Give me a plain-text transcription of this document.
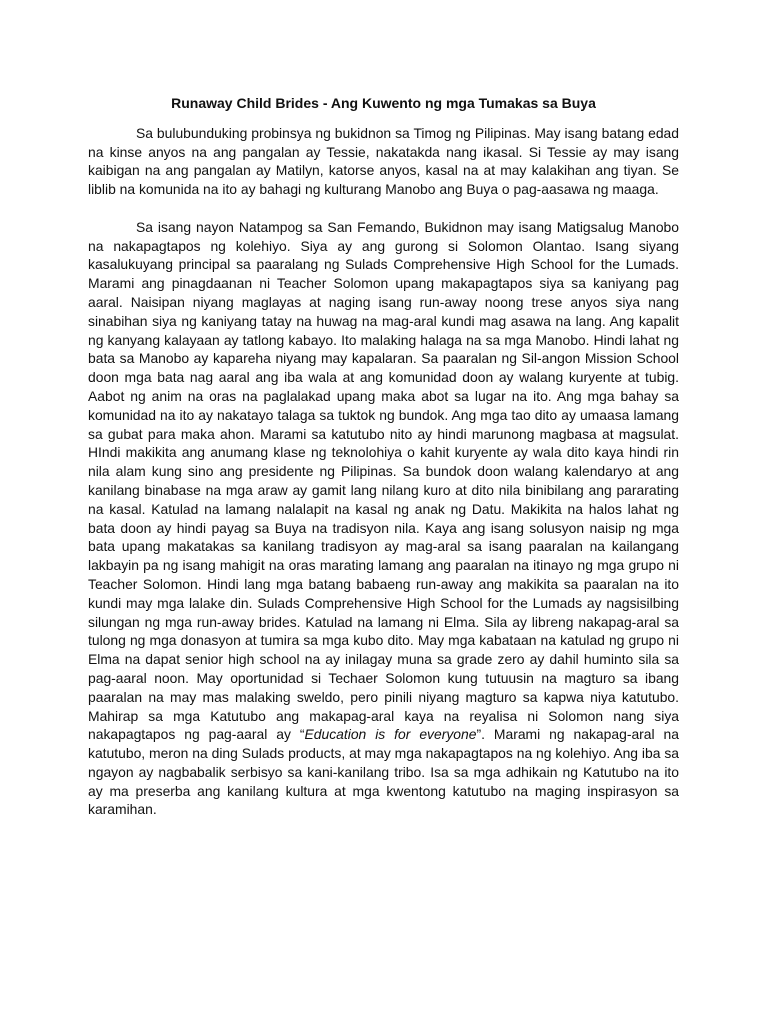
Runaway Child Brides - Ang Kuwento ng mga Tumakas sa Buya

Sa bulubunduking probinsya ng bukidnon sa Timog ng Pilipinas. May isang batang edad na kinse anyos na ang pangalan ay Tessie, nakatakda nang ikasal. Si Tessie ay may isang kaibigan na ang pangalan ay Matilyn, katorse anyos, kasal na at may kalakihan ang tiyan. Se liblib na komunida na ito ay bahagi ng kulturang Manobo ang Buya o pag-aasawa ng maaga.

Sa isang nayon Natampog sa San Femando, Bukidnon may isang Matigsalug Manobo na nakapagtapos ng kolehiyo. Siya ay ang gurong si Solomon Olantao. Isang siyang kasalukuyang principal sa paaralang ng Sulads Comprehensive High School for the Lumads. Marami ang pinagdaanan ni Teacher Solomon upang makapagtapos siya sa kaniyang pag aaral. Naisipan niyang maglayas at naging isang run-away noong trese anyos siya nang sinabihan siya ng kaniyang tatay na huwag na mag-aral kundi mag asawa na lang. Ang kapalit ng kanyang kalayaan ay tatlong kabayo. Ito malaking halaga na sa mga Manobo. Hindi lahat ng bata sa Manobo ay kapareha niyang may kapalaran. Sa paaralan ng Sil-angon Mission School doon mga bata nag aaral ang iba wala at ang komunidad doon ay walang kuryente at tubig. Aabot ng anim na oras na paglalakad upang maka abot sa lugar na ito. Ang mga bahay sa komunidad na ito ay nakatayo talaga sa tuktok ng bundok. Ang mga tao dito ay umaasa lamang sa gubat para maka ahon. Marami sa katutubo nito ay hindi marunong magbasa at magsulat. HIndi makikita ang anumang klase ng teknolohiya o kahit kuryente ay wala dito kaya hindi rin nila alam kung sino ang presidente ng Pilipinas. Sa bundok doon walang kalendaryo at ang kanilang binabase na mga araw ay gamit lang nilang kuro at dito nila binibilang ang pararating na kasal. Katulad na lamang nalalapit na kasal ng anak ng Datu. Makikita na halos lahat ng bata doon ay hindi payag sa Buya na tradisyon nila. Kaya ang isang solusyon naisip ng mga bata upang makatakas sa kanilang tradisyon ay mag-aral sa isang paaralan na kailangang lakbayin pa ng isang mahigit na oras marating lamang ang paaralan na itinayo ng mga grupo ni Teacher Solomon. Hindi lang mga batang babaeng run-away ang makikita sa paaralan na ito kundi may mga lalake din. Sulads Comprehensive High School for the Lumads ay nagsisilbing silungan ng mga run-away brides. Katulad na lamang ni Elma. Sila ay libreng nakapag-aral sa tulong ng mga donasyon at tumira sa mga kubo dito. May mga kabataan na katulad ng grupo ni Elma na dapat senior high school na ay inilagay muna sa grade zero ay dahil huminto sila sa pag-aaral noon. May oportunidad si Techaer Solomon kung tutuusin na magturo sa ibang paaralan na may mas malaking sweldo, pero pinili niyang magturo sa kapwa niya katutubo. Mahirap sa mga Katutubo ang makapag-aral kaya na reyalisa ni Solomon nang siya nakapagtapos ng pag-aaral ay “Education is for everyone”. Marami ng nakapag-aral na katutubo, meron na ding Sulads products, at may mga nakapagtapos na ng kolehiyo. Ang iba sa ngayon ay nagbabalik serbisyo sa kani-kanilang tribo. Isa sa mga adhikain ng Katutubo na ito ay ma preserba ang kanilang kultura at mga kwentong katutubo na maging inspirasyon sa karamihan.
